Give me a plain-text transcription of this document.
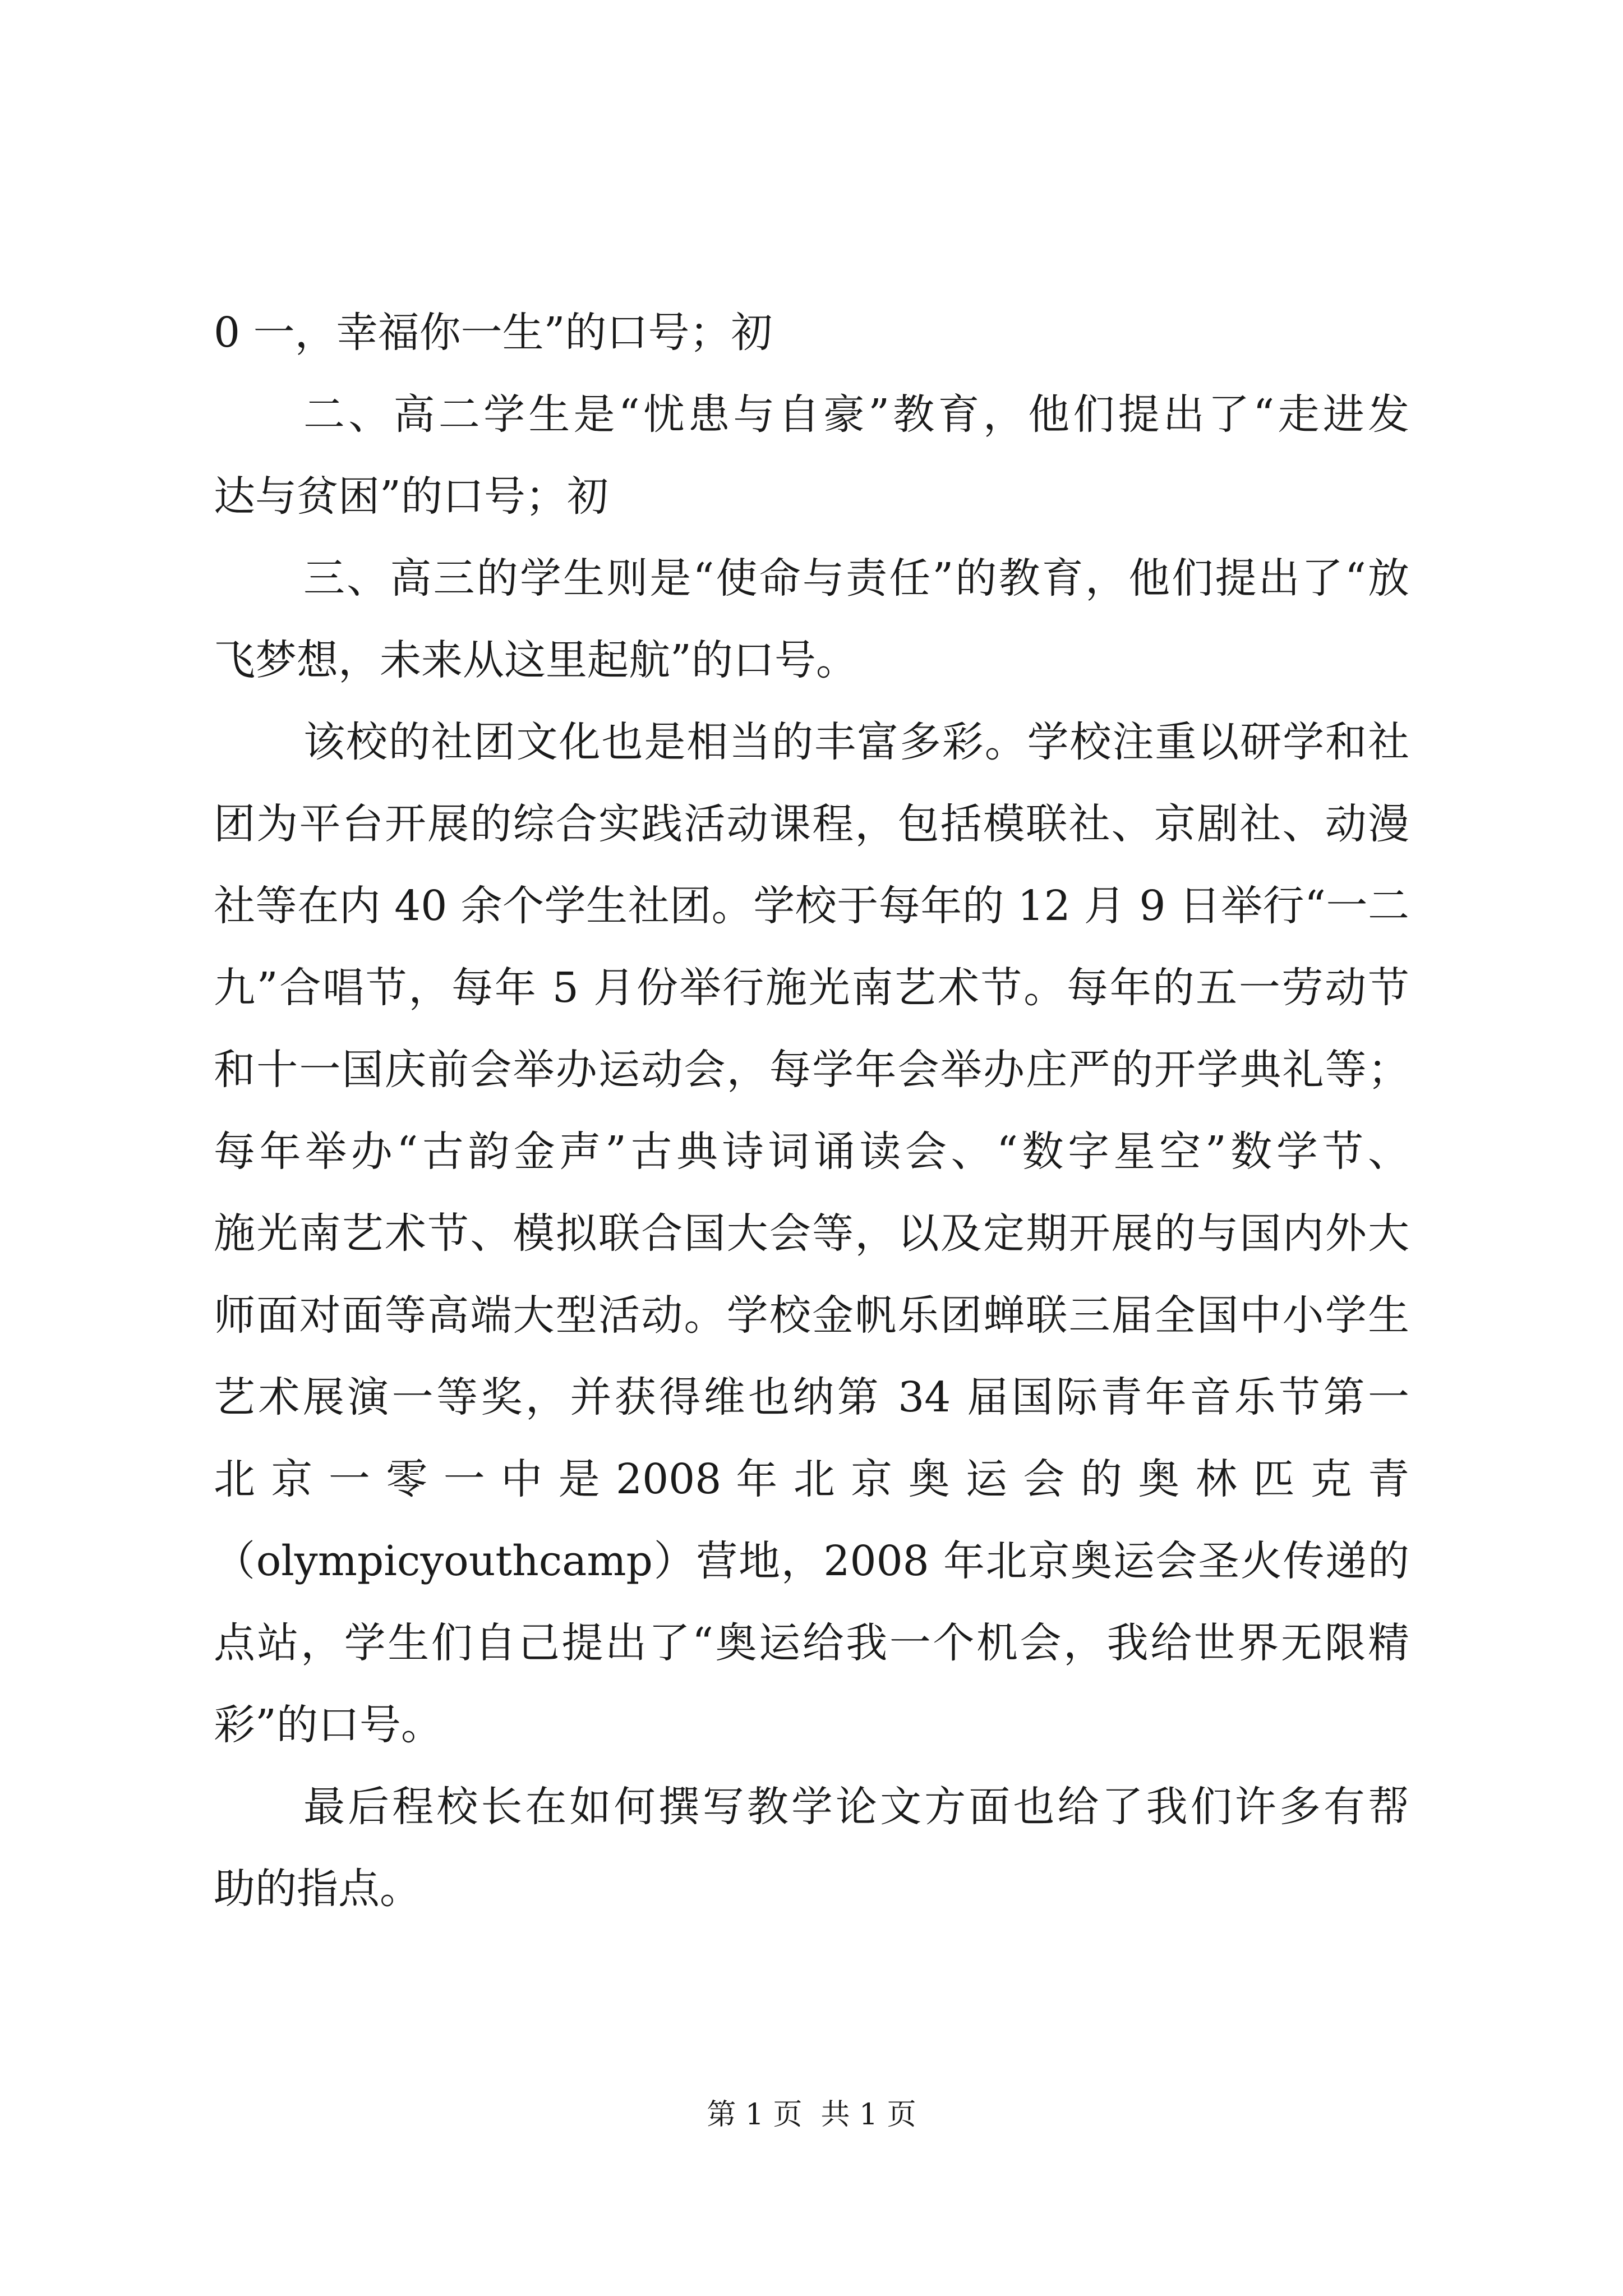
0 一，幸福你一生”的口号；初
二、高二学生是“忧患与自豪”教育，他们提出了“走进发
达与贫困”的口号；初
三、高三的学生则是“使命与责任”的教育，他们提出了“放
飞梦想，未来从这里起航”的口号。
该校的社团文化也是相当的丰富多彩。学校注重以研学和社
团为平台开展的综合实践活动课程，包括模联社、京剧社、动漫
社等在内 40 余个学生社团。学校于每年的 12 月 9 日举行“一二
九”合唱节，每年 5 月份举行施光南艺术节。每年的五一劳动节
和十一国庆前会举办运动会，每学年会举办庄严的开学典礼等；
每年举办“古韵金声”古典诗词诵读会、“数字星空”数学节、
施光南艺术节、模拟联合国大会等，以及定期开展的与国内外大
师面对面等高端大型活动。学校金帆乐团蝉联三届全国中小学生
艺术展演一等奖，并获得维也纳第 34 届国际青年音乐节第一
北 京 一 零 一 中 是 2008 年 北 京 奥 运 会 的 奥 林 匹 克 青
（olympicyouthcamp）营地，2008 年北京奥运会圣火传递的
点站，学生们自己提出了“奥运给我一个机会，我给世界无限精
彩”的口号。
最后程校长在如何撰写教学论文方面也给了我们许多有帮
助的指点。
第 1 页  共 1 页
